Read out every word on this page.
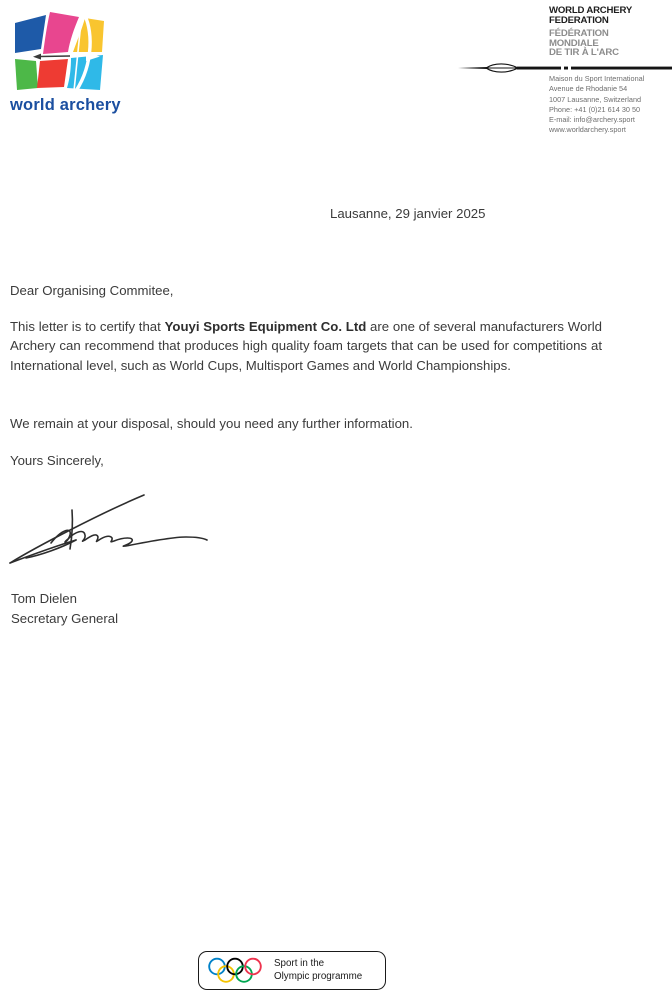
world archery
WORLD ARCHERY
FEDERATION
FÉDÉRATION
MONDIALE
DE TIR À L'ARC
Maison du Sport International
Avenue de Rhodanie 54
1007 Lausanne, Switzerland
Phone: +41 (0)21 614 30 50
E-mail: info@archery.sport
www.worldarchery.sport
Lausanne, 29 janvier 2025
Dear Organising Commitee,
This letter is to certify that Youyi Sports Equipment Co. Ltd are one of several manufacturers World Archery can recommend that produces high quality foam targets that can be used for competitions at International level, such as World Cups, Multisport Games and World Championships.
We remain at your disposal, should you need any further information.
Yours Sincerely,
Tom Dielen
Secretary General
Sport in the
Olympic programme
